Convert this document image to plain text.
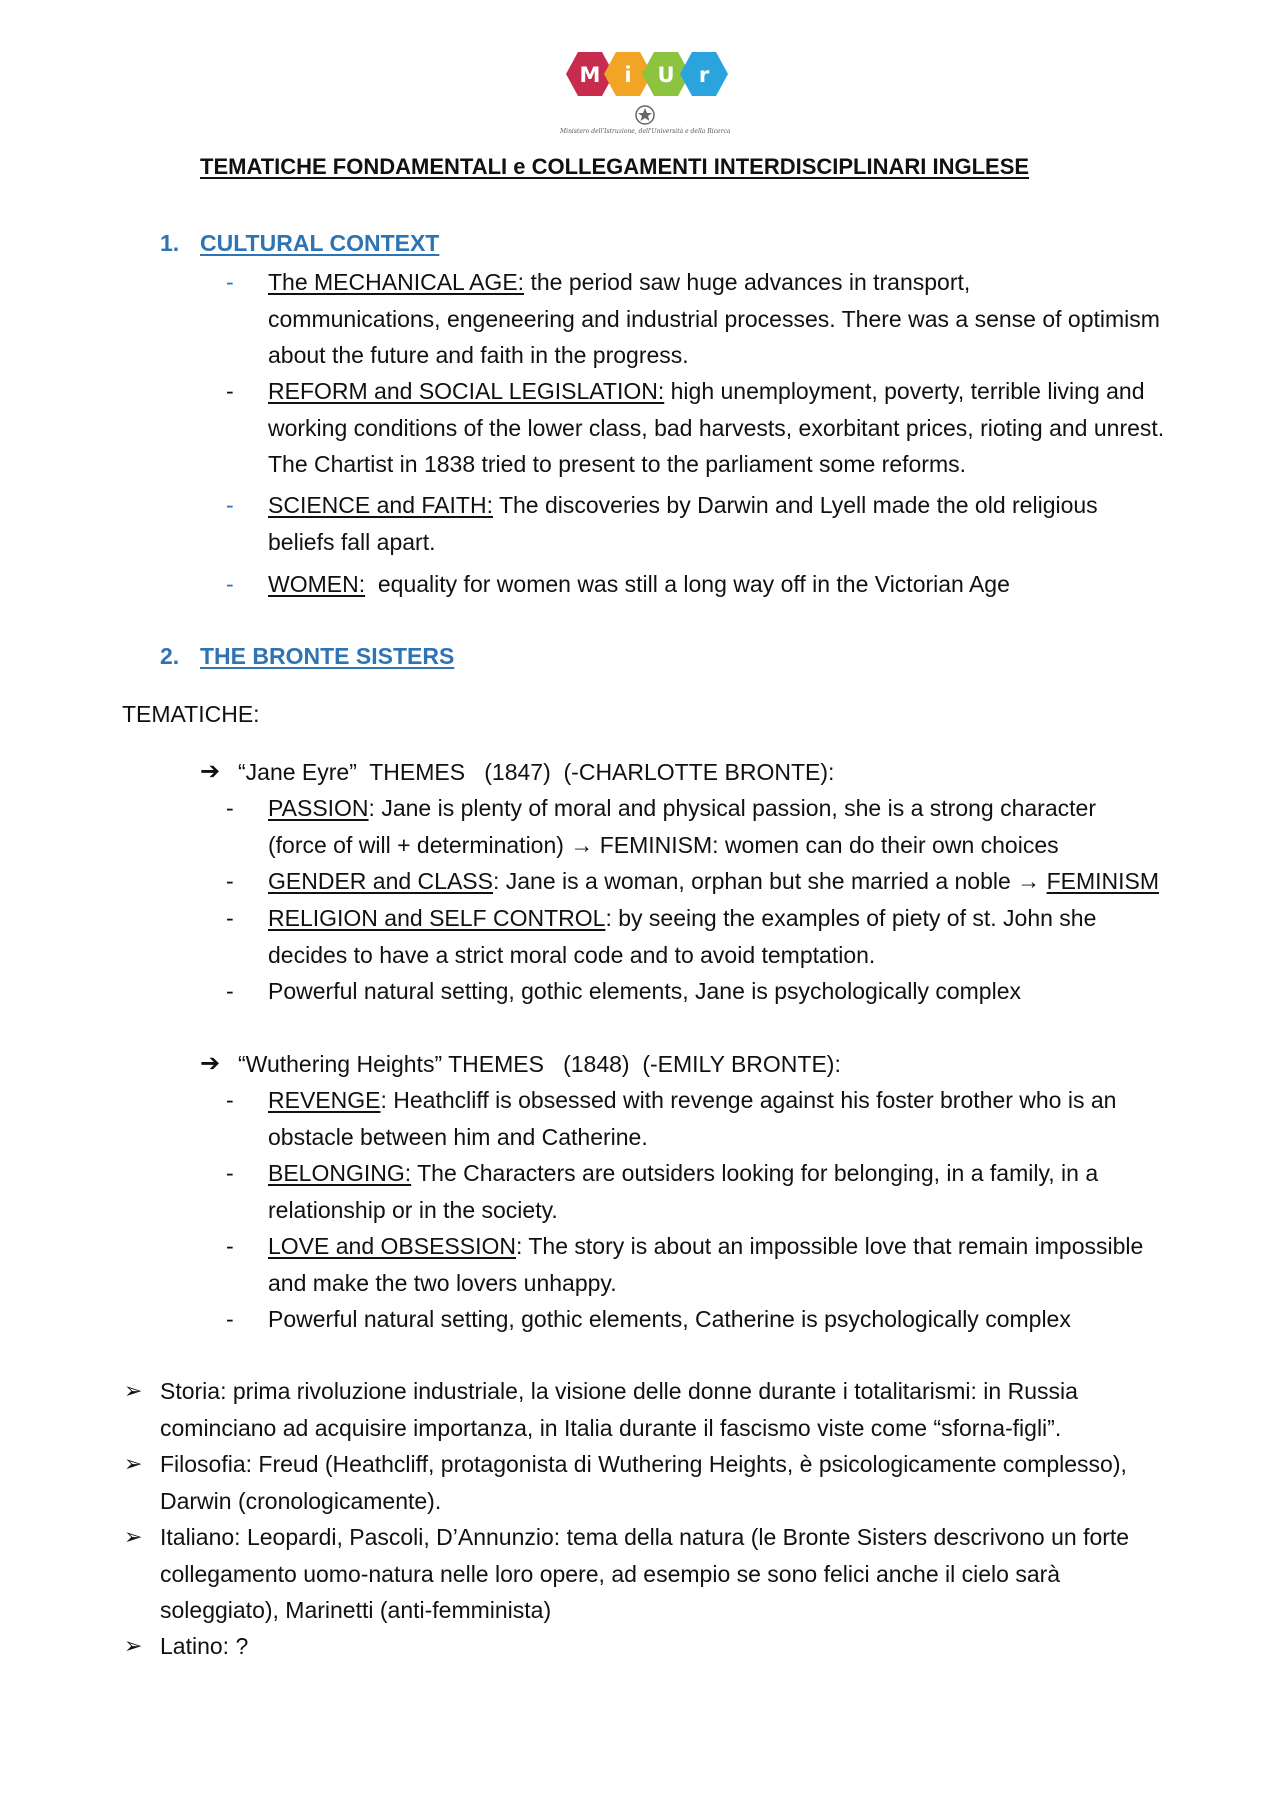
M i U r
Ministero dell'Istruzione, dell'Università e della Ricerca
TEMATICHE FONDAMENTALI e COLLEGAMENTI INTERDISCIPLINARI INGLESE
1. CULTURAL CONTEXT
- The MECHANICAL AGE: the period saw huge advances in transport,
communications, engeneering and industrial processes. There was a sense of optimism about the future and faith in the progress.
- REFORM and SOCIAL LEGISLATION: high unemployment, poverty, terrible living and
working conditions of the lower class, bad harvests, exorbitant prices, rioting and unrest. The Chartist in 1838 tried to present to the parliament some reforms.
- SCIENCE and FAITH: The discoveries by Darwin and Lyell made the old religious
beliefs fall apart.
- WOMEN:  equality for women was still a long way off in the Victorian Age
2. THE BRONTE SISTERS
TEMATICHE:
➔ “Jane Eyre”  THEMES   (1847)  (-CHARLOTTE BRONTE):
- PASSION: Jane is plenty of moral and physical passion, she is a strong character
(force of will + determination) → FEMINISM: women can do their own choices
- GENDER and CLASS: Jane is a woman, orphan but she married a noble → FEMINISM
- RELIGION and SELF CONTROL: by seeing the examples of piety of st. John she
decides to have a strict moral code and to avoid temptation.
- Powerful natural setting, gothic elements, Jane is psychologically complex
➔ “Wuthering Heights” THEMES   (1848)  (-EMILY BRONTE):
- REVENGE: Heathcliff is obsessed with revenge against his foster brother who is an
obstacle between him and Catherine.
- BELONGING: The Characters are outsiders looking for belonging, in a family, in a
relationship or in the society.
- LOVE and OBSESSION: The story is about an impossible love that remain impossible
and make the two lovers unhappy.
- Powerful natural setting, gothic elements, Catherine is psychologically complex
➢ Storia: prima rivoluzione industriale, la visione delle donne durante i totalitarismi: in Russia
cominciano ad acquisire importanza, in Italia durante il fascismo viste come “sforna-figli”.
➢ Filosofia: Freud (Heathcliff, protagonista di Wuthering Heights, è psicologicamente complesso),
Darwin (cronologicamente).
➢ Italiano: Leopardi, Pascoli, D’Annunzio: tema della natura (le Bronte Sisters descrivono un forte
collegamento uomo-natura nelle loro opere, ad esempio se sono felici anche il cielo sarà
soleggiato), Marinetti (anti-femminista)
➢ Latino: ?
